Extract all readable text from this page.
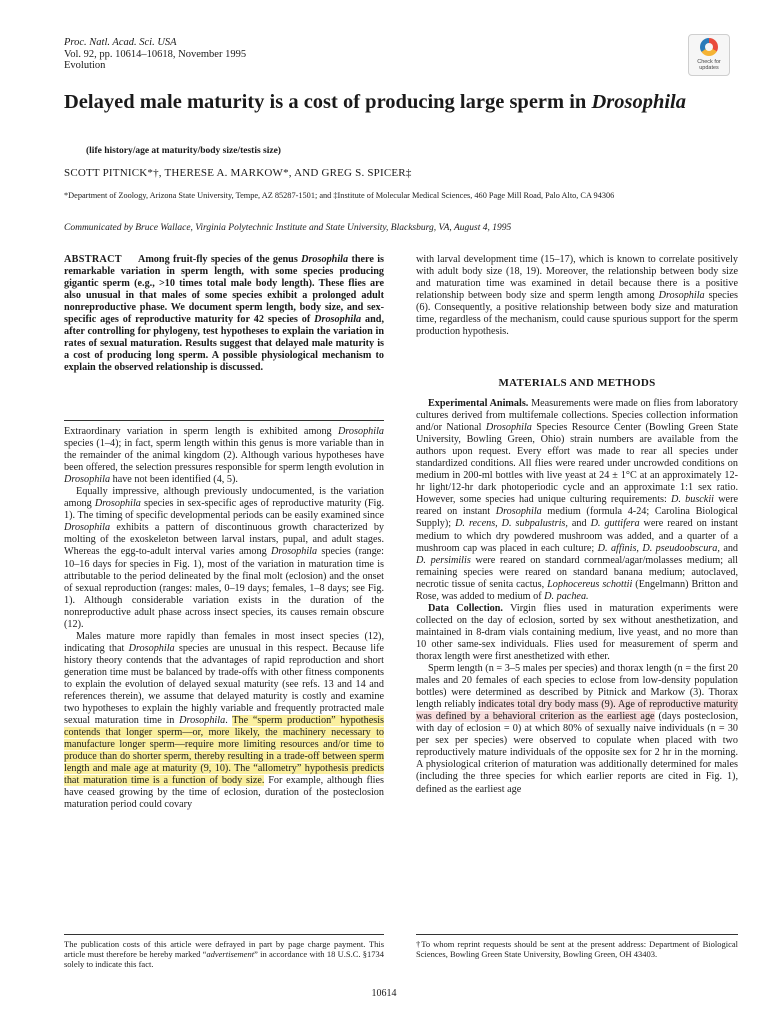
Proc. Natl. Acad. Sci. USA
Vol. 92, pp. 10614–10618, November 1995
Evolution	Check for updates
Delayed male maturity is a cost of producing large sperm in Drosophila
(life history/age at maturity/body size/testis size)
SCOTT PITNICK*†, THERESE A. MARKOW*, AND GREG S. SPICER‡
*Department of Zoology, Arizona State University, Tempe, AZ 85287-1501; and ‡Institute of Molecular Medical Sciences, 460 Page Mill Road, Palo Alto, CA 94306
Communicated by Bruce Wallace, Virginia Polytechnic Institute and State University, Blacksburg, VA, August 4, 1995

ABSTRACT Among fruit-fly species of the genus Drosophila there is remarkable variation in sperm length, with some species producing gigantic sperm (e.g., >10 times total male body length). These flies are also unusual in that males of some species exhibit a prolonged adult nonreproductive phase. We document sperm length, body size, and sex-specific ages of reproductive maturity for 42 species of Drosophila and, after controlling for phylogeny, test hypotheses to explain the variation in rates of sexual maturation. Results suggest that delayed male maturity is a cost of producing long sperm. A possible physiological mechanism to explain the observed relationship is discussed.

Extraordinary variation in sperm length is exhibited among Drosophila species (1–4); in fact, sperm length within this genus is more variable than in the remainder of the animal kingdom (2). Although various hypotheses have been offered, the selection pressures responsible for sperm length evolution in Drosophila have not been identified (4, 5).

Equally impressive, although previously undocumented, is the variation among Drosophila species in sex-specific ages of reproductive maturity (Fig. 1). The timing of specific developmental periods can be easily examined since Drosophila exhibits a pattern of discontinuous growth characterized by molting of the exoskeleton between larval instars, pupal, and adult stages. Whereas the egg-to-adult interval varies among Drosophila species (range: 10–16 days for species in Fig. 1), most of the variation in maturation time is attributable to the period delineated by the final molt (eclosion) and the onset of sexual reproduction (ranges: males, 0–19 days; females, 1–8 days; see Fig. 1). Although considerable variation exists in the duration of the nonreproductive adult phase across insect species, its causes remain obscure (12).

Males mature more rapidly than females in most insect species (12), indicating that Drosophila species are unusual in this respect. Because life history theory contends that the advantages of rapid reproduction and short generation time must be balanced by trade-offs with other fitness components to explain the evolution of delayed sexual maturity (see refs. 13 and 14 and references therein), we assume that delayed maturity is costly and examine two hypotheses to explain the highly variable and frequently protracted male sexual maturation time in Drosophila. The “sperm production” hypothesis contends that longer sperm—or, more likely, the machinery necessary to manufacture longer sperm—require more limiting resources and/or time to produce than do shorter sperm, thereby resulting in a trade-off between sperm length and male age at maturity (9, 10). The “allometry” hypothesis predicts that maturation time is a function of body size. For example, although flies have ceased growing by the time of eclosion, duration of the posteclosion maturation period could covary

with larval development time (15–17), which is known to correlate positively with adult body size (18, 19). Moreover, the relationship between body size and maturation time was examined in detail because there is a positive relationship between body size and sperm length among Drosophila species (6). Consequently, a positive relationship between body size and maturation time, regardless of the mechanism, could cause spurious support for the sperm production hypothesis.

MATERIALS AND METHODS

Experimental Animals. Measurements were made on flies from laboratory cultures derived from multifemale collections. Species collection information and/or National Drosophila Species Resource Center (Bowling Green State University, Bowling Green, Ohio) strain numbers are available from the authors upon request. Every effort was made to rear all species under standardized conditions. All flies were reared under uncrowded conditions on medium in 200-ml bottles with live yeast at 24 ± 1°C at an approximately 12-hr light/12-hr dark photoperiodic cycle and an approximate 1:1 sex ratio. However, some species had unique culturing requirements: D. busckii were reared on instant Drosophila medium (formula 4-24; Carolina Biological Supply); D. recens, D. subpalustris, and D. guttifera were reared on instant medium to which dry powdered mushroom was added, and a quarter of a mushroom cap was placed in each culture; D. affinis, D. pseudoobscura, and D. persimilis were reared on standard cornmeal/agar/molasses medium; all remaining species were reared on standard banana medium; autoclaved, necrotic tissue of senita cactus, Lophocereus schottii (Engelmann) Britton and Rose, was added to medium of D. pachea.

Data Collection. Virgin flies used in maturation experiments were collected on the day of eclosion, sorted by sex without anesthetization, and maintained in 8-dram vials containing medium, live yeast, and no more than 10 other same-sex individuals. Flies used for measurement of sperm and thorax length were first anesthetized with ether.

Sperm length (n = 3–5 males per species) and thorax length (n = the first 20 males and 20 females of each species to eclose from low-density population bottles) were determined as described by Pitnick and Markow (3). Thorax length reliably indicates total dry body mass (9). Age of reproductive maturity was defined by a behavioral criterion as the earliest age (days posteclosion, with day of eclosion = 0) at which 80% of sexually naive individuals (n = 30 per sex per species) were observed to copulate when placed with two reproductively mature individuals of the opposite sex for 2 hr in the morning. A physiological criterion of maturation was additionally determined for males (including the three species for which earlier reports are cited in Fig. 1), defined as the earliest age

The publication costs of this article were defrayed in part by page charge payment. This article must therefore be hereby marked “advertisement” in accordance with 18 U.S.C. §1734 solely to indicate this fact.
†To whom reprint requests should be sent at the present address: Department of Biological Sciences, Bowling Green State University, Bowling Green, OH 43403.
10614
